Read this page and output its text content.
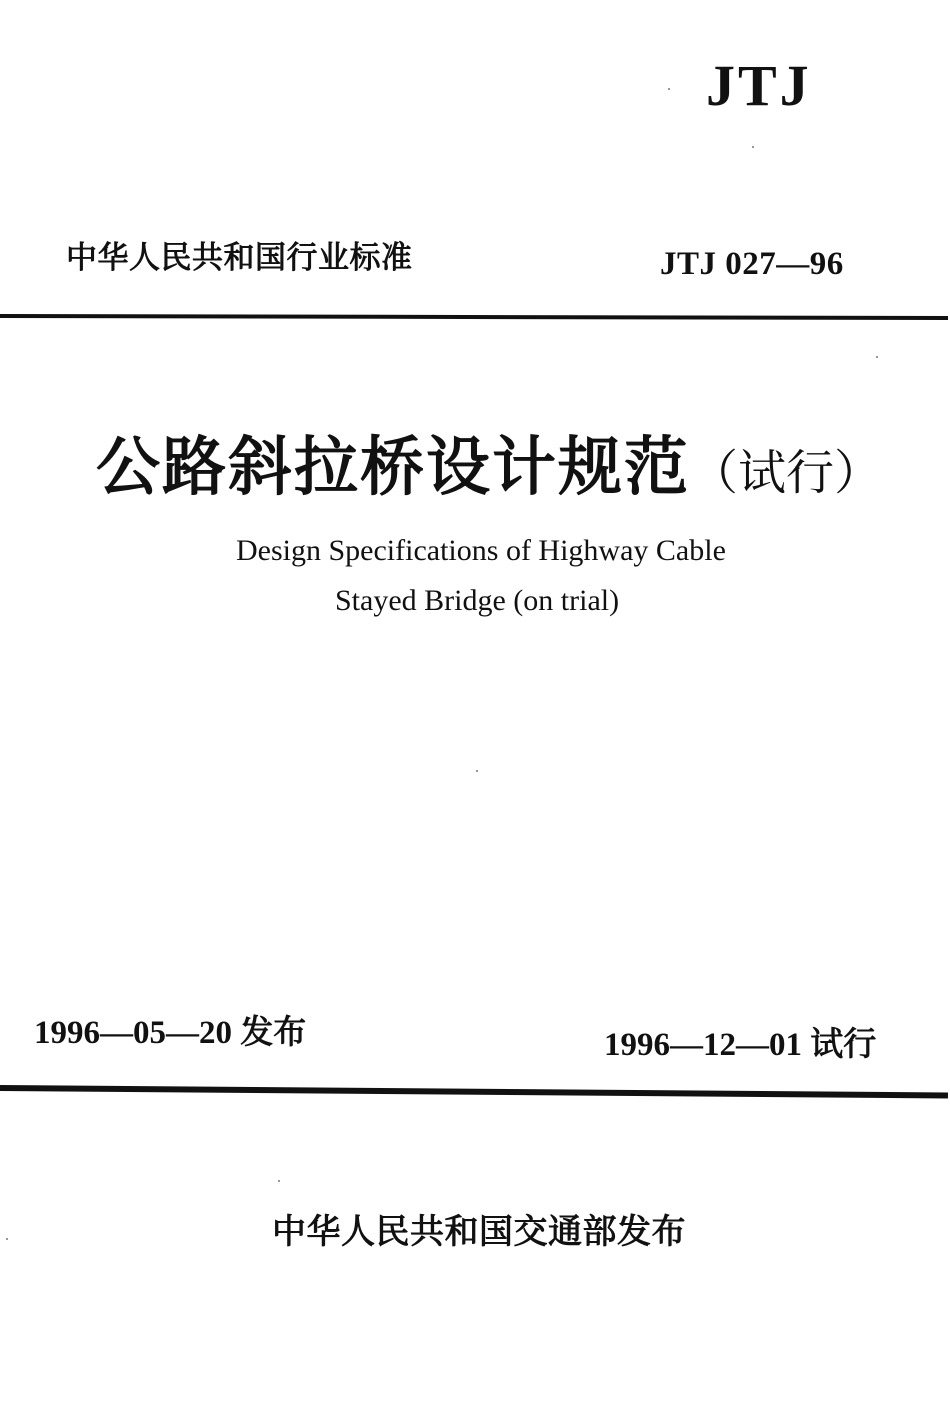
JTJ
中华人民共和国行业标准	JTJ 027—96
公路斜拉桥设计规范（试行）
Design Specifications of Highway Cable
Stayed Bridge (on trial)
1996—05—20 发布	1996—12—01 试行
中华人民共和国交通部发布
